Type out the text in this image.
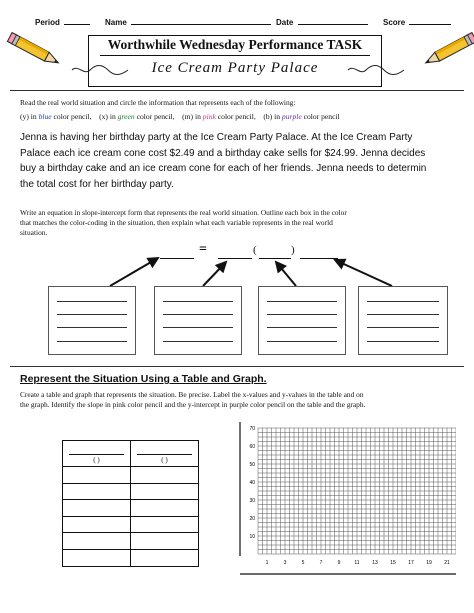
Period	Name	Date	Score
Worthwhile Wednesday Performance TASK
Ice Cream Party Palace
Read the real world situation and circle the information that represents each of the following:
(y) in blue color pencil, (x) in green color pencil, (m) in pink color pencil, (b) in purple color pencil
Jenna is having her birthday party at the Ice Cream Party Palace. At the Ice Cream Party
Palace each ice cream cone cost $2.49 and a birthday cake sells for $24.99. Jenna decides
buy a birthday cake and an ice cream cone for each of her friends. Jenna needs to determin
the total cost for her birthday party.
Write an equation in slope-intercept form that represents the real world situation. Outline each box in the color
that matches the color-coding in the situation, then explain what each variable represents in the real world
situation.
=	(	)
Represent the Situation Using a Table and Graph.
Create a table and graph that represents the situation. Be precise. Label the x-values and y-values in the table and on
the graph. Identify the slope in pink color pencil and the y-intercept in purple color pencil on the table and the graph.
( )	( )

70
60
50
40
30
20
10
1	3	5	7	9	11	13 15 17 19 21
